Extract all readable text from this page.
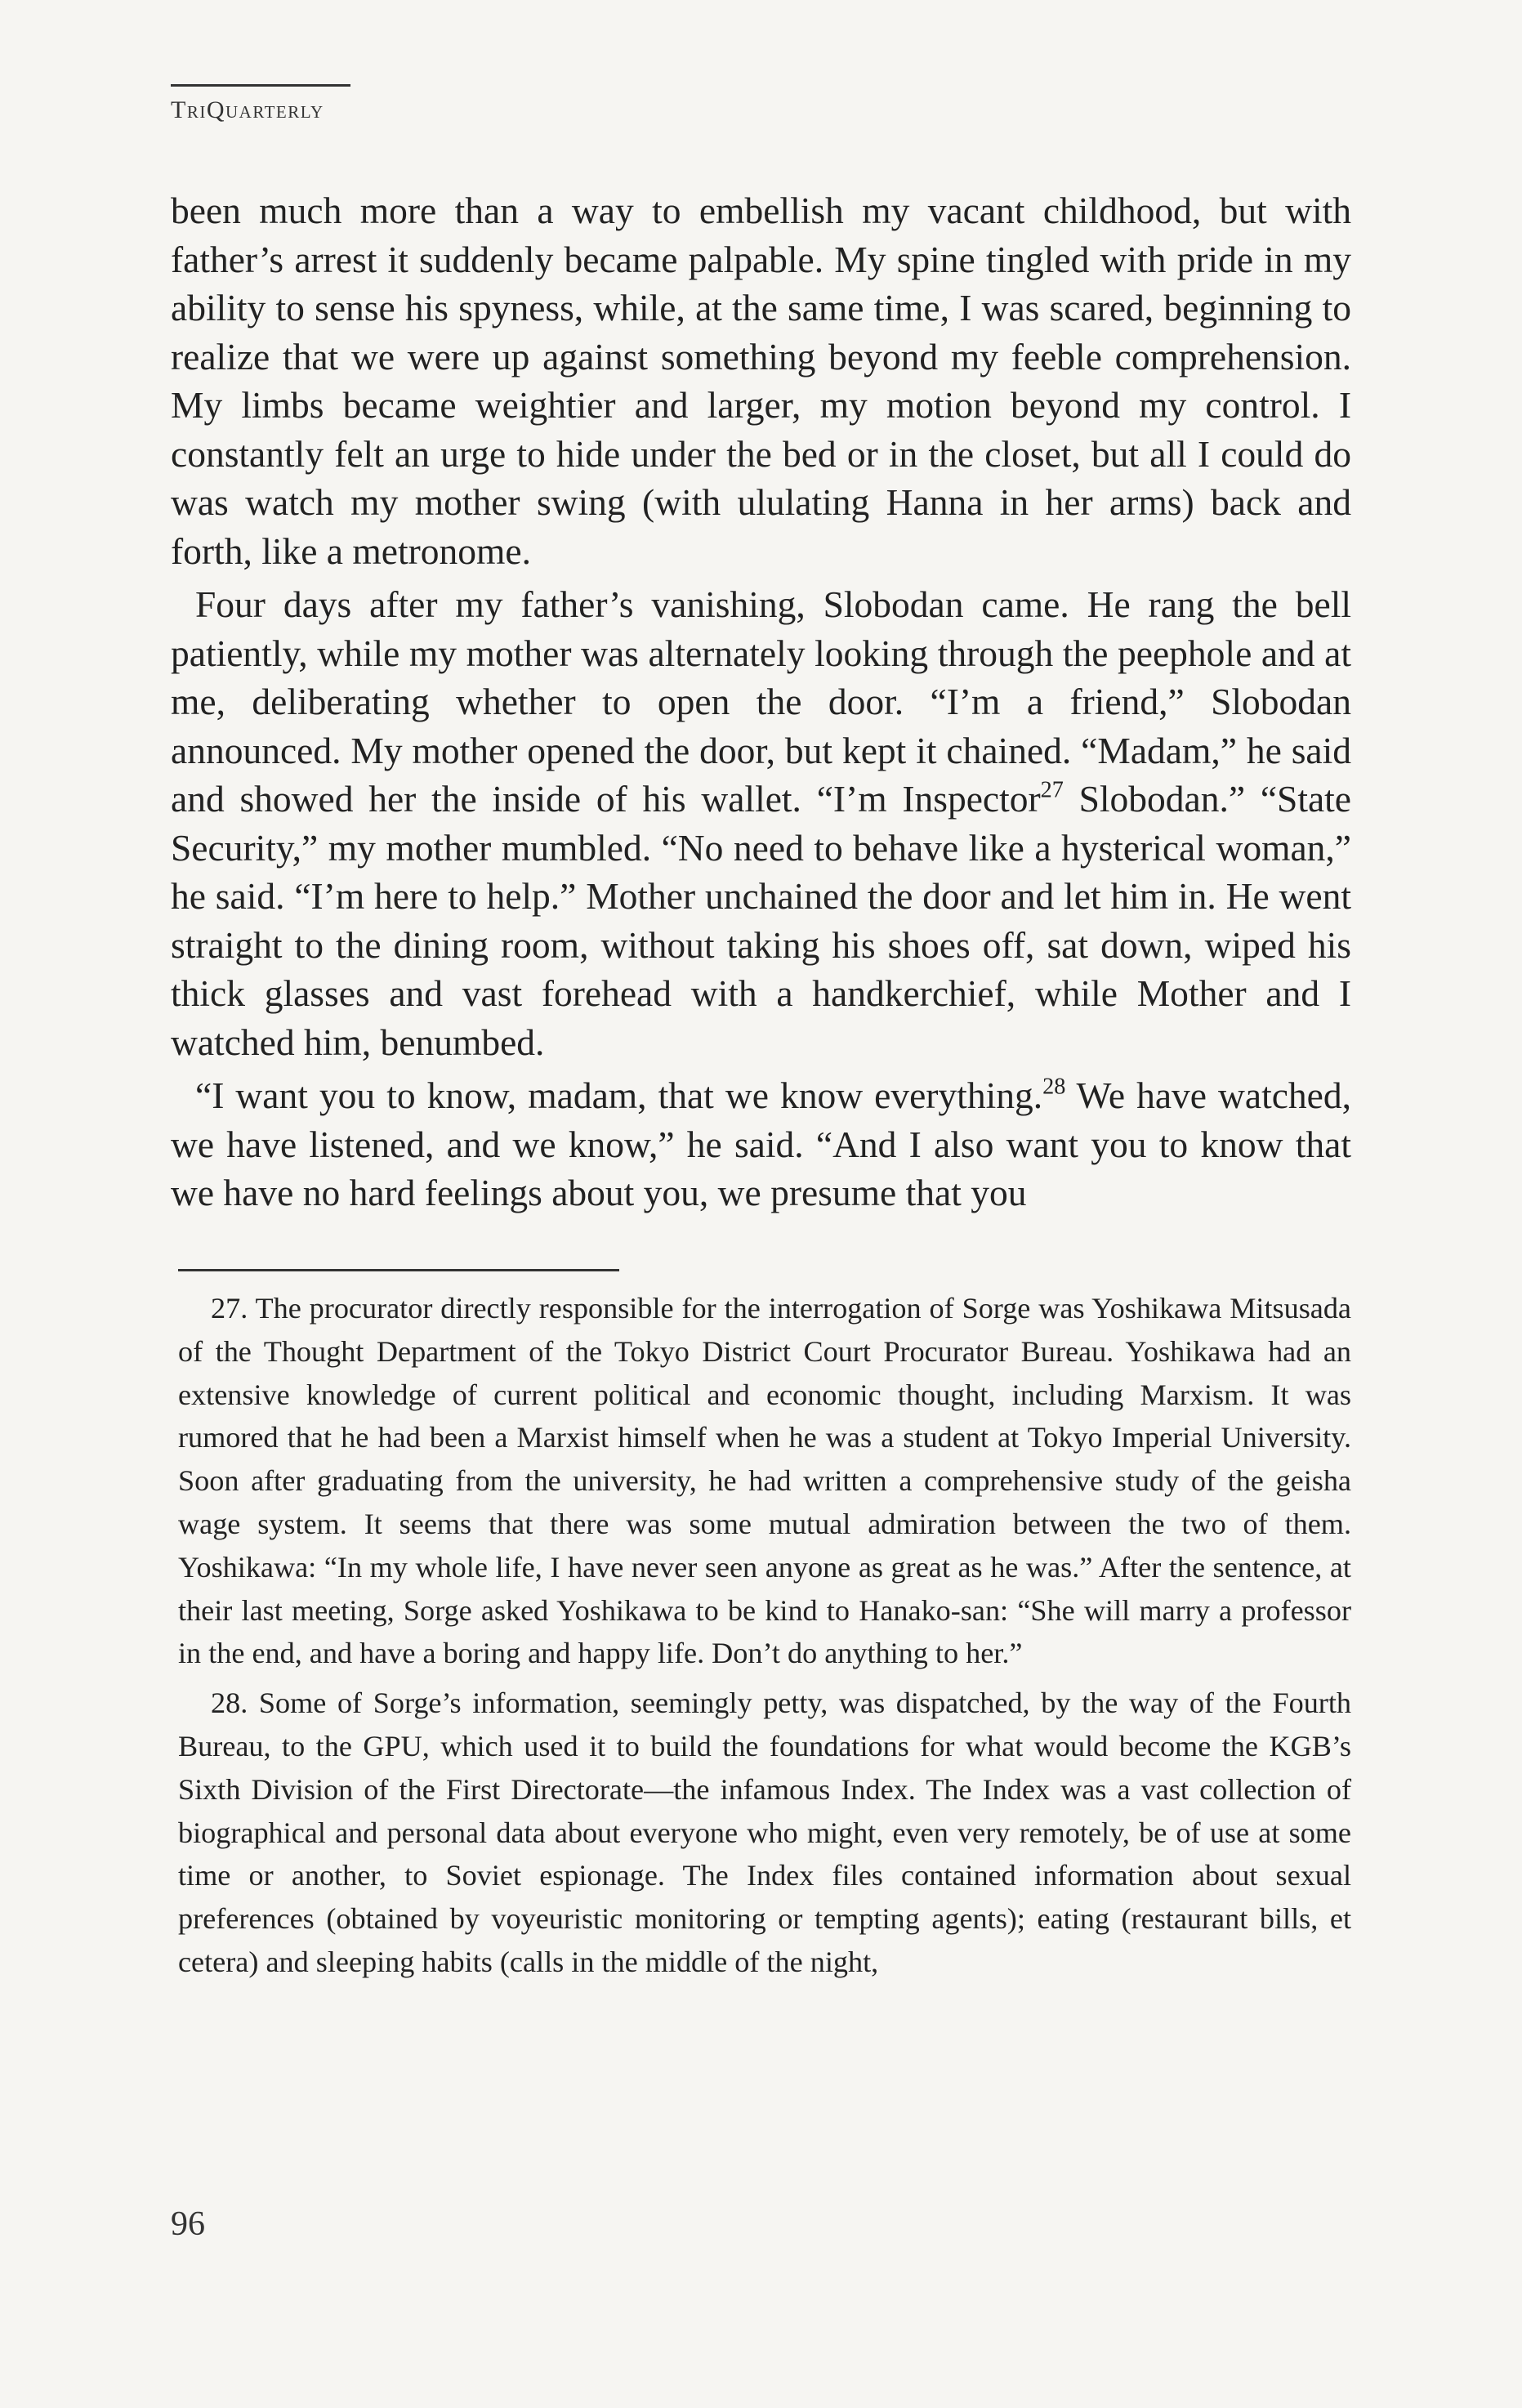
TriQuarterly

been much more than a way to embellish my vacant childhood, but with father’s arrest it suddenly became palpable. My spine tingled with pride in my ability to sense his spyness, while, at the same time, I was scared, beginning to realize that we were up against something beyond my feeble comprehension. My limbs became weightier and larger, my motion beyond my control. I constantly felt an urge to hide under the bed or in the closet, but all I could do was watch my mother swing (with ululating Hanna in her arms) back and forth, like a metronome.

Four days after my father’s vanishing, Slobodan came. He rang the bell patiently, while my mother was alternately looking through the peephole and at me, deliberating whether to open the door. “I’m a friend,” Slobodan announced. My mother opened the door, but kept it chained. “Madam,” he said and showed her the inside of his wallet. “I’m Inspector$^{27}$ Slobodan.” “State Security,” my mother mumbled. “No need to behave like a hysterical woman,” he said. “I’m here to help.” Mother unchained the door and let him in. He went straight to the dining room, without taking his shoes off, sat down, wiped his thick glasses and vast forehead with a handkerchief, while Mother and I watched him, benumbed.

“I want you to know, madam, that we know everything.$^{28}$ We have watched, we have listened, and we know,” he said. “And I also want you to know that we have no hard feelings about you, we presume that you

27. The procurator directly responsible for the interrogation of Sorge was Yoshikawa Mitsusada of the Thought Department of the Tokyo District Court Procurator Bureau. Yoshikawa had an extensive knowledge of current political and economic thought, including Marxism. It was rumored that he had been a Marxist himself when he was a student at Tokyo Imperial University. Soon after graduating from the university, he had written a comprehensive study of the geisha wage system. It seems that there was some mutual admiration between the two of them. Yoshikawa: “In my whole life, I have never seen anyone as great as he was.” After the sentence, at their last meeting, Sorge asked Yoshikawa to be kind to Hanako-san: “She will marry a professor in the end, and have a boring and happy life. Don’t do anything to her.”

28. Some of Sorge’s information, seemingly petty, was dispatched, by the way of the Fourth Bureau, to the GPU, which used it to build the foundations for what would become the KGB’s Sixth Division of the First Directorate—the infamous Index. The Index was a vast collection of biographical and personal data about everyone who might, even very remotely, be of use at some time or another, to Soviet espionage. The Index files contained information about sexual preferences (obtained by voyeuristic monitoring or tempting agents); eating (restaurant bills, et cetera) and sleeping habits (calls in the middle of the night,

96
